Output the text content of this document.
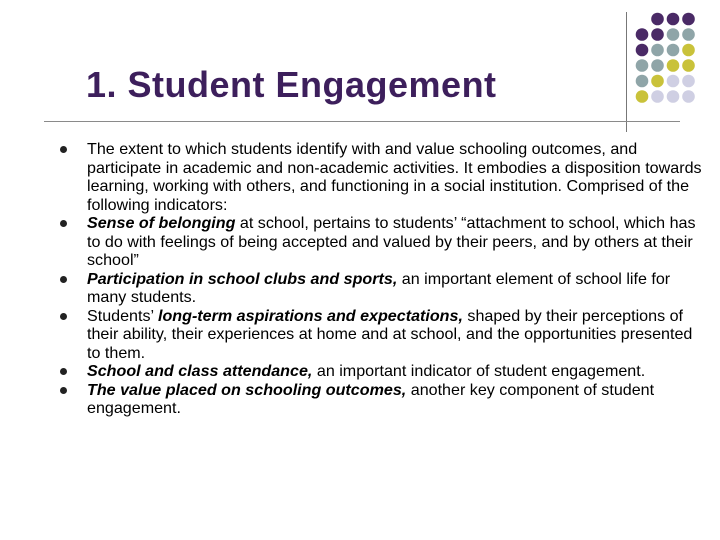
1. Student Engagement
The extent to which students identify with and value schooling outcomes, and participate in academic and non-academic activities. It embodies a disposition towards learning, working with others, and functioning in a social institution. Comprised of the following indicators:
Sense of belonging at school, pertains to students’ “attachment to school, which has to do with feelings of being accepted and valued by their peers, and by others at their school”
Participation in school clubs and sports, an important element of school life for many students.
Students’ long-term aspirations and expectations, shaped by their perceptions of their ability, their experiences at home and at school, and the opportunities presented to them.
School and class attendance, an important indicator of student engagement.
The value placed on schooling outcomes, another key component of student engagement.
